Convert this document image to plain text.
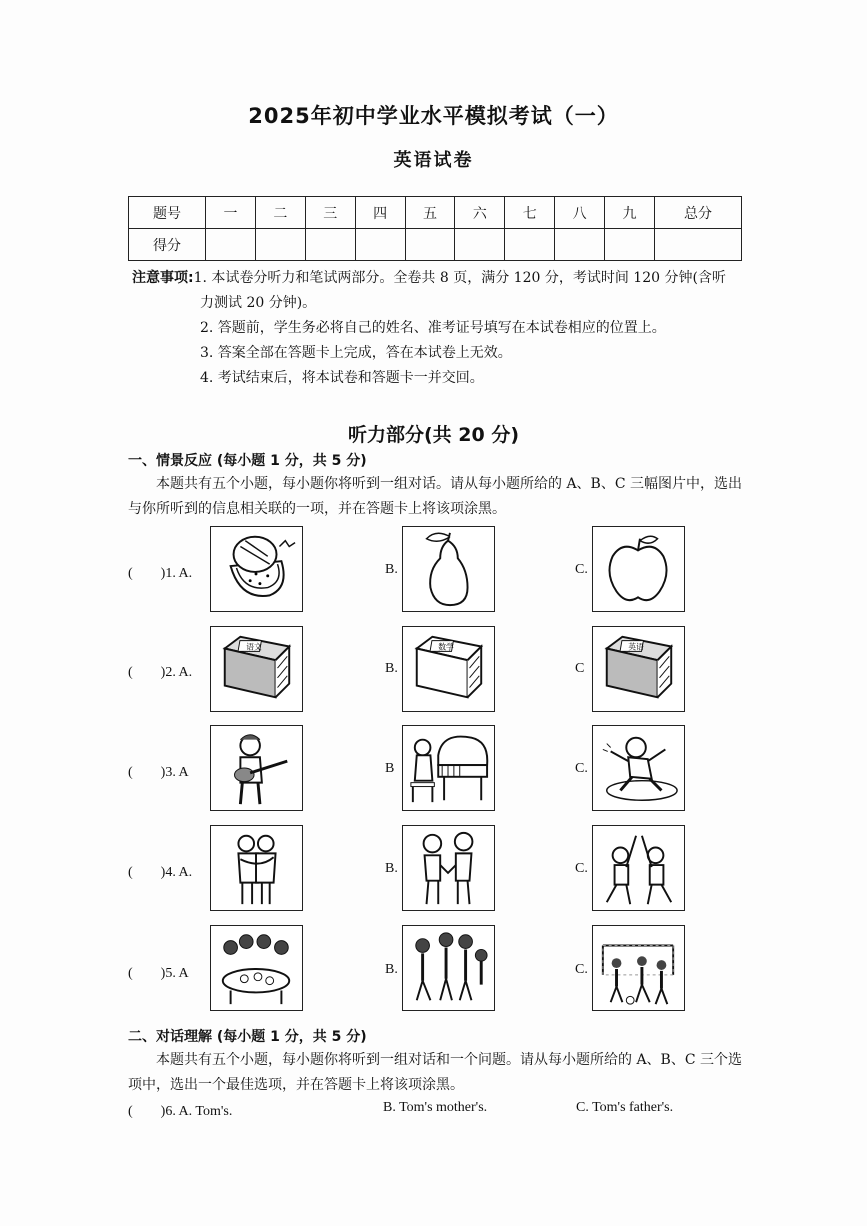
2025年初中学业水平模拟考试（一）
英语试卷
题号	一	二	三	四	五	六	七	八	九	总分
得分										
注意事项: 1. 本试卷分听力和笔试两部分。全卷共 8 页，满分 120 分，考试时间 120 分钟(含听
力测试 20 分钟)。
2. 答题前，学生务必将自己的姓名、准考证号填写在本试卷相应的位置上。
3. 答案全部在答题卡上完成，答在本试卷上无效。
4. 考试结束后，将本试卷和答题卡一并交回。
听力部分(共 20 分)
一、情景反应 (每小题 1 分，共 5 分)
本题共有五个小题，每小题你将听到一组对话。请从每小题所给的 A、B、C 三幅图片中，选出与你所听到的信息相关联的一项，并在答题卡上将该项涂黑。
(　　)1. A.	B.	C.
(　　)2. A.
语文
B.
数学
C
英语
(　　)3. A	B	C.
(　　)4. A.	B.	C.
(　　)5. A	B.	C.
二、对话理解 (每小题 1 分，共 5 分)
本题共有五个小题，每小题你将听到一组对话和一个问题。请从每小题所给的 A、B、C 三个选项中，选出一个最佳选项，并在答题卡上将该项涂黑。
(　　)6. A. Tom's.	B. Tom's mother's.	C. Tom's father's.
